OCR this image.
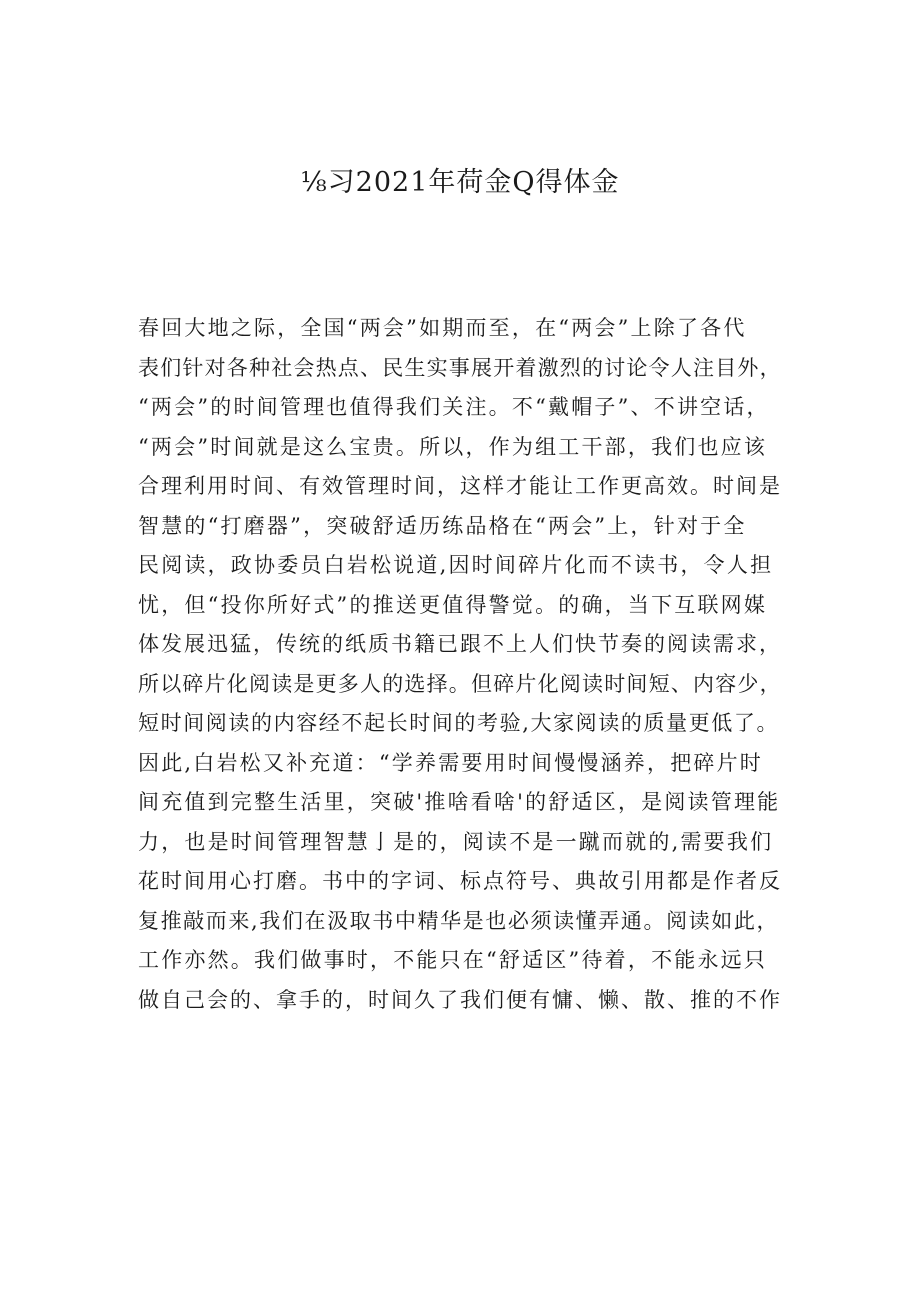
⅛习2021年荷金Q得体金
春回大地之际，全国“两会”如期而至，在“两会”上除了各代
表们针对各种社会热点、民生实事展开着激烈的讨论令人注目外，
“两会”的时间管理也值得我们关注。不“戴帽子”、不讲空话，
“两会”时间就是这么宝贵。所以，作为组工干部，我们也应该
合理利用时间、有效管理时间，这样才能让工作更高效。时间是
智慧的“打磨器”，突破舒适历练品格在“两会”上，针对于全
民阅读，政协委员白岩松说道,因时间碎片化而不读书，令人担
忧，但“投你所好式”的推送更值得警觉。的确，当下互联网媒
体发展迅猛，传统的纸质书籍已跟不上人们快节奏的阅读需求，
所以碎片化阅读是更多人的选择。但碎片化阅读时间短、内容少，
短时间阅读的内容经不起长时间的考验,大家阅读的质量更低了。
因此,白岩松又补充道：“学养需要用时间慢慢涵养，把碎片时
间充值到完整生活里，突破'推啥看啥'的舒适区，是阅读管理能
力，也是时间管理智慧亅是的，阅读不是一蹴而就的,需要我们
花时间用心打磨。书中的字词、标点符号、典故引用都是作者反
复推敲而来,我们在汲取书中精华是也必须读懂弄通。阅读如此，
工作亦然。我们做事时，不能只在“舒适区”待着，不能永远只
做自己会的、拿手的，时间久了我们便有慵、懒、散、推的不作
